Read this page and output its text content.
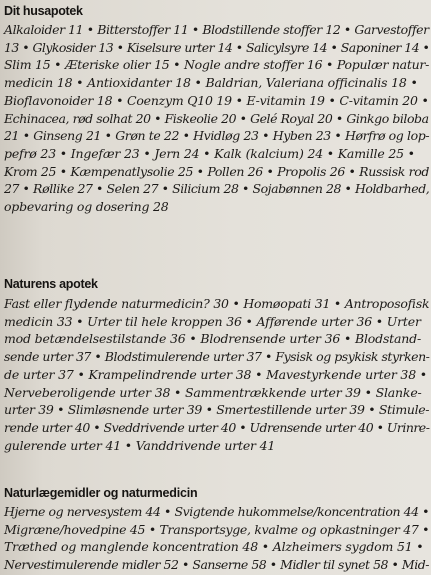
Dit husapotek
Alkaloider 11 • Bitterstoffer 11 • Blodstillende stoffer 12 • Garvestoffer
13 • Glykosider 13 • Kiselsure urter 14 • Salicylsyre 14 • Saponiner 14 •
Slim 15 • Æteriske olier 15 • Nogle andre stoffer 16 • Populær natur-
medicin 18 • Antioxidanter 18 • Baldrian, Valeriana officinalis 18 •
Bioflavonoider 18 • Coenzym Q10 19 • E-vitamin 19 • C-vitamin 20 •
Echinacea, rød solhat 20 • Fiskeolie 20 • Gelé Royal 20 • Ginkgo biloba
21 • Ginseng 21 • Grøn te 22 • Hvidløg 23 • Hyben 23 • Hørfrø og lop-
pefrø 23 • Ingefær 23 • Jern 24 • Kalk (kalcium) 24 • Kamille 25 •
Krom 25 • Kæmpenatlysolie 25 • Pollen 26 • Propolis 26 • Russisk rod
27 • Røllike 27 • Selen 27 • Silicium 28 • Sojabønnen 28 • Holdbarhed,
opbevaring og dosering 28
Naturens apotek
Fast eller flydende naturmedicin? 30 • Homøopati 31 • Antroposofisk
medicin 33 • Urter til hele kroppen 36 • Afførende urter 36 • Urter
mod betændelsestilstande 36 • Blodrensende urter 36 • Blodstand-
sende urter 37 • Blodstimulerende urter 37 • Fysisk og psykisk styrken-
de urter 37 • Krampelindrende urter 38 • Mavestyrkende urter 38 •
Nerveberoligende urter 38 • Sammentrækkende urter 39 • Slanke-
urter 39 • Slimløsnende urter 39 • Smertestillende urter 39 • Stimule-
rende urter 40 • Sveddrivende urter 40 • Udrensende urter 40 • Urinre-
gulerende urter 41 • Vanddrivende urter 41
Naturlægemidler og naturmedicin
Hjerne og nervesystem 44 • Svigtende hukommelse/koncentration 44 •
Migræne/hovedpine 45 • Transportsyge, kvalme og opkastninger 47 •
Træthed og manglende koncentration 48 • Alzheimers sygdom 51 •
Nervestimulerende midler 52 • Sanserne 58 • Midler til synet 58 • Mid-
